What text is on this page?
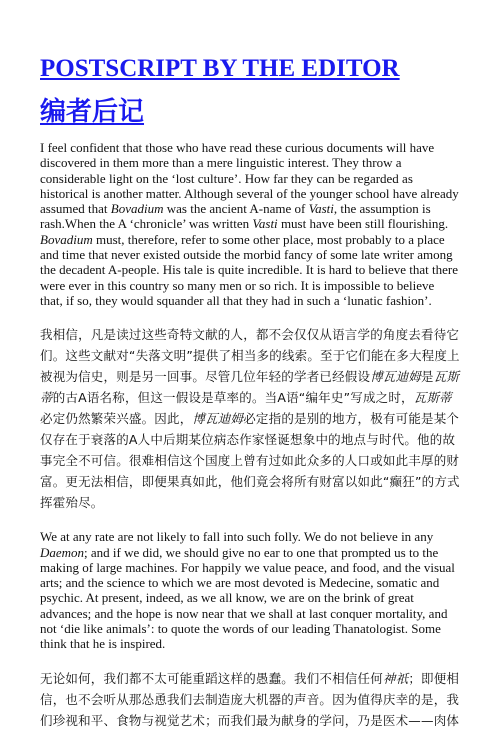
POSTSCRIPT BY THE EDITOR
编者后记

I feel confident that those who have read these curious documents will have discovered in them more than a mere linguistic interest. They throw a considerable light on the ‘lost culture’. How far they can be regarded as historical is another matter. Although several of the younger school have already assumed that Bovadium was the ancient A-name of Vasti, the assumption is rash.When the A ‘chronicle’ was written Vasti must have been still flourishing. Bovadium must, therefore, refer to some other place, most probably to a place and time that never existed outside the morbid fancy of some late writer among the decadent A-people. His tale is quite incredible. It is hard to believe that there were ever in this country so many men or so rich. It is impossible to believe that, if so, they would squander all that they had in such a ‘lunatic fashion’.

我相信，凡是读过这些奇特文献的人，都不会仅仅从语言学的角度去看待它们。这些文献对“失落文明”提供了相当多的线索。至于它们能在多大程度上被视为信史，则是另一回事。尽管几位年轻的学者已经假设博瓦迪姆是瓦斯蒂的古A语名称，但这一假设是草率的。当A语“编年史”写成之时，瓦斯蒂必定仍然繁荣兴盛。因此，博瓦迪姆必定指的是别的地方，极有可能是某个仅存在于衰落的A人中后期某位病态作家怪诞想象中的地点与时代。他的故事完全不可信。很难相信这个国度上曾有过如此众多的人口或如此丰厚的财富。更无法相信，即便果真如此，他们竟会将所有财富以如此“癫狂”的方式挥霍殆尽。

We at any rate are not likely to fall into such folly. We do not believe in any Daemon; and if we did, we should give no ear to one that prompted us to the making of large machines. For happily we value peace, and food, and the visual arts; and the science to which we are most devoted is Medecine, somatic and psychic. At present, indeed, as we all know, we are on the brink of great advances; and the hope is now near that we shall at last conquer mortality, and not ‘die like animals’: to quote the words of our leading Thanatologist. Some think that he is inspired.

无论如何，我们都不太可能重蹈这样的愚蠢。我们不相信任何神祇；即便相信，也不会听从那怂恿我们去制造庞大机器的声音。因为值得庆幸的是，我们珍视和平、食物与视觉艺术；而我们最为献身的学问，乃是医术——肉体
